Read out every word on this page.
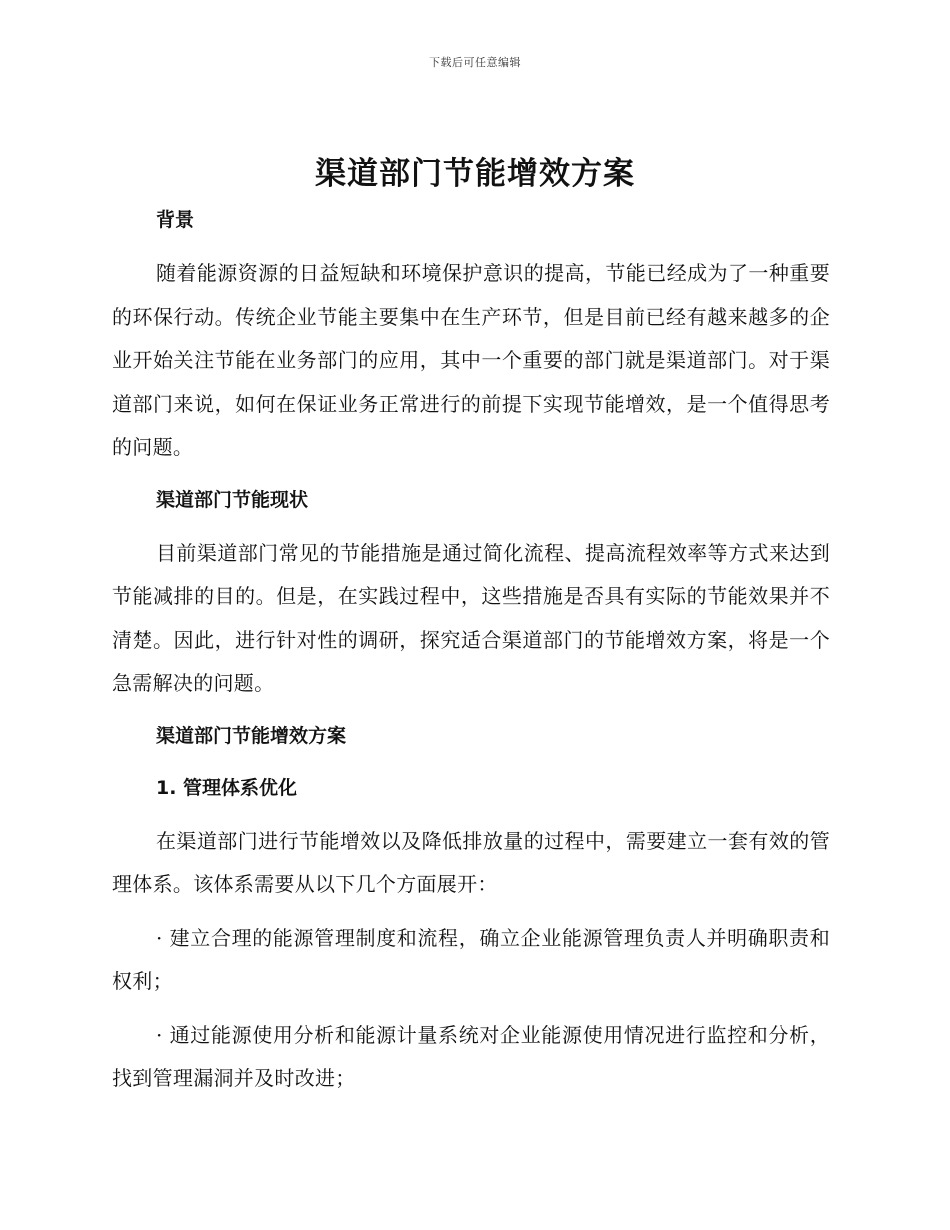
下载后可任意编辑
渠道部门节能增效方案
背景

随着能源资源的日益短缺和环境保护意识的提高，节能已经成为了一种重要的环保行动。传统企业节能主要集中在生产环节，但是目前已经有越来越多的企业开始关注节能在业务部门的应用，其中一个重要的部门就是渠道部门。对于渠道部门来说，如何在保证业务正常进行的前提下实现节能增效，是一个值得思考的问题。

渠道部门节能现状

目前渠道部门常见的节能措施是通过简化流程、提高流程效率等方式来达到节能减排的目的。但是，在实践过程中，这些措施是否具有实际的节能效果并不清楚。因此，进行针对性的调研，探究适合渠道部门的节能增效方案，将是一个急需解决的问题。

渠道部门节能增效方案
1. 管理体系优化

在渠道部门进行节能增效以及降低排放量的过程中，需要建立一套有效的管理体系。该体系需要从以下几个方面展开：

· 建立合理的能源管理制度和流程，确立企业能源管理负责人并明确职责和权利；

· 通过能源使用分析和能源计量系统对企业能源使用情况进行监控和分析，找到管理漏洞并及时改进；
